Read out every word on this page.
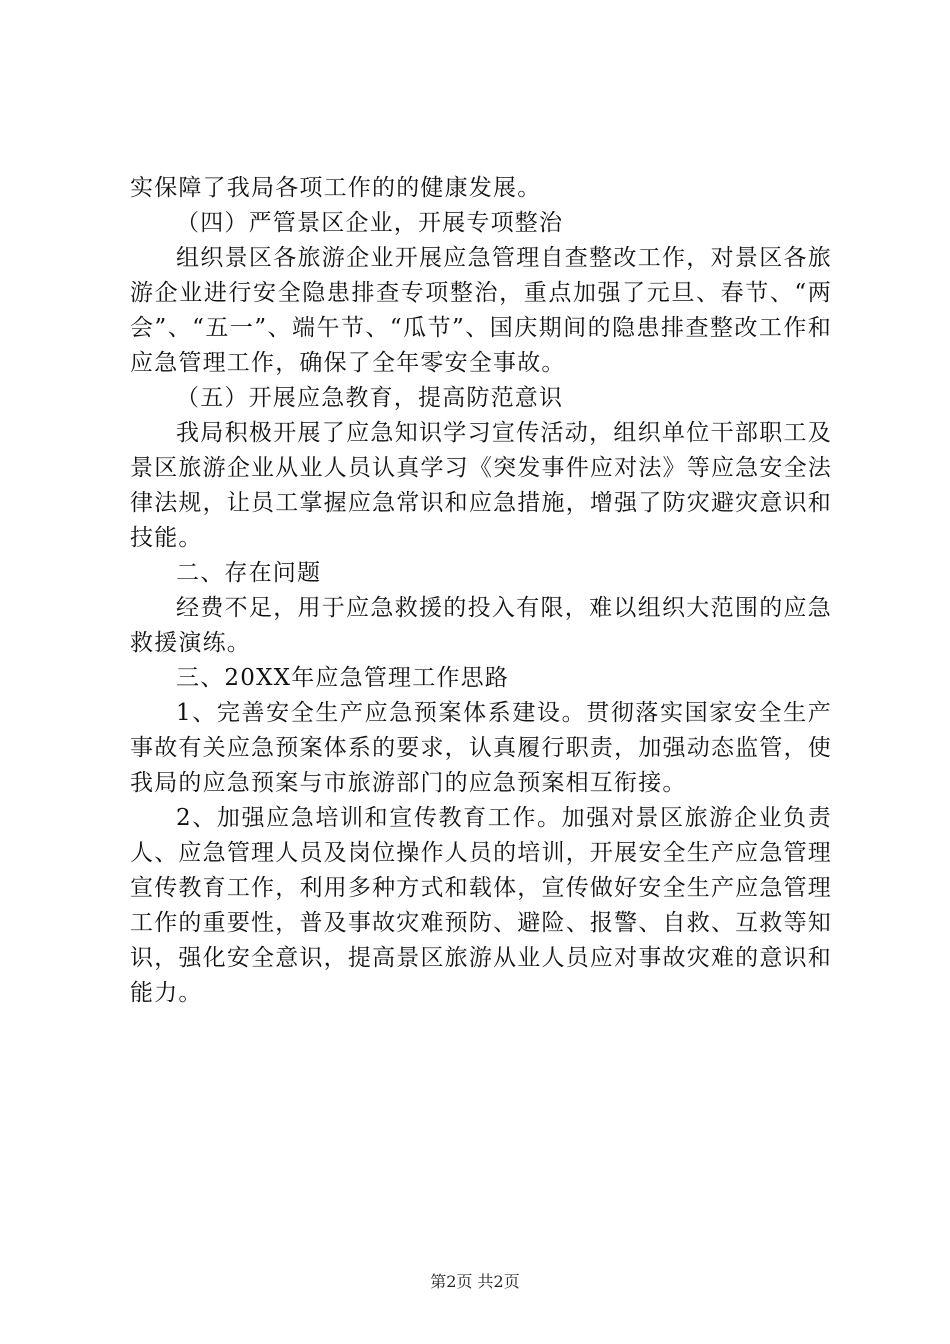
实保障了我局各项工作的的健康发展。

（四）严管景区企业，开展专项整治

组织景区各旅游企业开展应急管理自查整改工作，对景区各旅游企业进行安全隐患排查专项整治，重点加强了元旦、春节、“两会”、“五一”、端午节、“瓜节”、国庆期间的隐患排查整改工作和应急管理工作，确保了全年零安全事故。

（五）开展应急教育，提高防范意识

我局积极开展了应急知识学习宣传活动，组织单位干部职工及景区旅游企业从业人员认真学习《突发事件应对法》等应急安全法律法规，让员工掌握应急常识和应急措施，增强了防灾避灾意识和技能。

二、存在问题

经费不足，用于应急救援的投入有限，难以组织大范围的应急救援演练。

三、20XX年应急管理工作思路

1、完善安全生产应急预案体系建设。贯彻落实国家安全生产事故有关应急预案体系的要求，认真履行职责，加强动态监管，使我局的应急预案与市旅游部门的应急预案相互衔接。

2、加强应急培训和宣传教育工作。加强对景区旅游企业负责人、应急管理人员及岗位操作人员的培训，开展安全生产应急管理宣传教育工作，利用多种方式和载体，宣传做好安全生产应急管理工作的重要性，普及事故灾难预防、避险、报警、自救、互救等知识，强化安全意识，提高景区旅游从业人员应对事故灾难的意识和能力。

第2页 共2页
